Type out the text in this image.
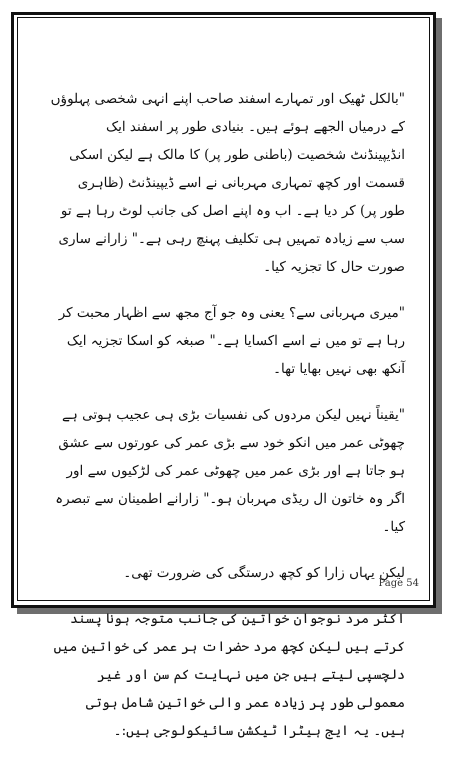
"بالکل ٹھیک اور تمہارے اسفند صاحب اپنے انہی شخصی پہلوؤں کے درمیاں الجھے ہوئے ہیں۔ بنیادی طور پر اسفند ایک انڈیپینڈنٹ شخصیت (باطنی طور پر) کا مالک ہے لیکن اسکی قسمت اور کچھ تمہاری مہربانی نے اسے ڈیپینڈنٹ (ظاہری طور پر) کر دیا ہے۔ اب وہ اپنے اصل کی جانب لوٹ رہا ہے تو سب سے زیادہ تمہیں ہی تکلیف پہنچ رہی ہے۔" زارانے ساری صورت حال کا تجزیہ کیا۔

"میری مہربانی سے؟ یعنی وہ جو آج مجھ سے اظہار محبت کر رہا ہے تو میں نے اسے اکسایا ہے۔" صبغہ کو اسکا تجزیہ ایک آنکھ بھی نہیں بھایا تھا۔

"یقیناً نہیں لیکن مردوں کی نفسیات بڑی ہی عجیب ہوتی ہے چھوٹی عمر میں انکو خود سے بڑی عمر کی عورتوں سے عشق ہو جاتا ہے اور بڑی عمر میں چھوٹی عمر کی لڑکیوں سے اور اگر وہ خاتون ال ریڈی مہربان ہو۔" زارانے اطمینان سے تبصرہ کیا۔

لیکن یہاں زارا کو کچھ درستگی کی ضرورت تھی۔

اکثر مرد نوجوان خواتین کی جانب متوجہ ہونا پسند کرتے ہیں لیکن کچھ مرد حضرات ہر عمر کی خواتین میں دلچسپی لیتے ہیں جن میں نہایت کم سن اور غیر معمولی طور پر زیادہ عمر والی خواتین شامل ہوتی ہیں۔ یہ ایج ہیٹرا ٹیکشن سائیکولوجی ہیں:۔

Page 54
